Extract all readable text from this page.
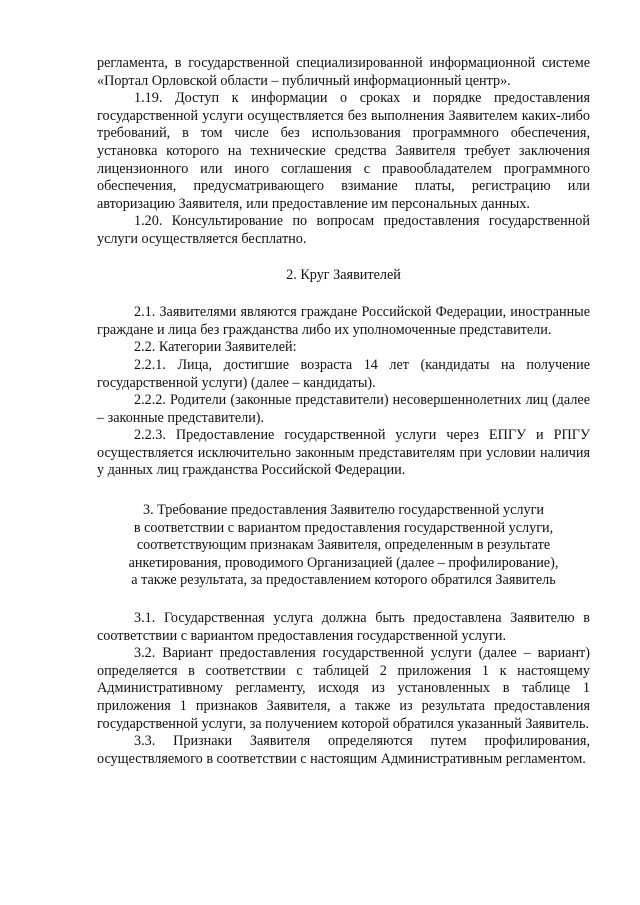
регламента, в государственной специализированной информационной системе «Портал Орловской области – публичный информационный центр».

1.19. Доступ к информации о сроках и порядке предоставления государственной услуги осуществляется без выполнения Заявителем каких-либо требований, в том числе без использования программного обеспечения, установка которого на технические средства Заявителя требует заключения лицензионного или иного соглашения с правообладателем программного обеспечения, предусматривающего взимание платы, регистрацию или авторизацию Заявителя, или предоставление им персональных данных.

1.20. Консультирование по вопросам предоставления государственной услуги осуществляется бесплатно.

2. Круг Заявителей

2.1. Заявителями являются граждане Российской Федерации, иностранные граждане и лица без гражданства либо их уполномоченные представители.

2.2. Категории Заявителей:

2.2.1. Лица, достигшие возраста 14 лет (кандидаты на получение государственной услуги) (далее – кандидаты).

2.2.2. Родители (законные представители) несовершеннолетних лиц (далее – законные представители).

2.2.3. Предоставление государственной услуги через ЕПГУ и РПГУ осуществляется исключительно законным представителям при условии наличия у данных лиц гражданства Российской Федерации.

3. Требование предоставления Заявителю государственной услуги

в соответствии с вариантом предоставления государственной услуги,

соответствующим признакам Заявителя, определенным в результате

анкетирования, проводимого Организацией (далее – профилирование),

а также результата, за предоставлением которого обратился Заявитель

3.1. Государственная услуга должна быть предоставлена Заявителю в соответствии с вариантом предоставления государственной услуги.

3.2. Вариант предоставления государственной услуги (далее – вариант) определяется в соответствии с таблицей 2 приложения 1 к настоящему Административному регламенту, исходя из установленных в таблице 1 приложения 1 признаков Заявителя, а также из результата предоставления государственной услуги, за получением которой обратился указанный Заявитель.

3.3. Признаки Заявителя определяются путем профилирования, осуществляемого в соответствии с настоящим Административным регламентом.
